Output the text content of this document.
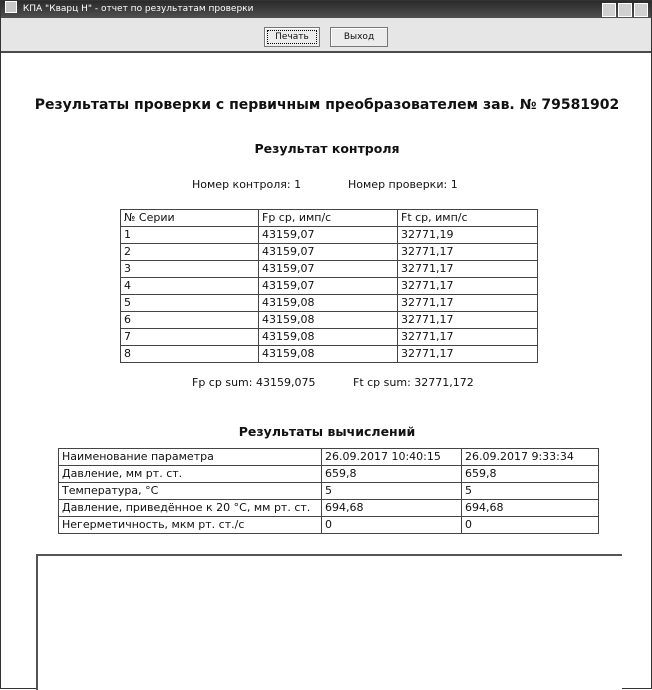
КПА "Кварц Н" - отчет по результатам проверки
Печать	Выход
Результаты проверки с первичным преобразователем зав. № 79581902
Результат контроля
Номер контроля: 1	Номер проверки: 1
№ Серии	Fp ср, имп/с	Ft ср, имп/с
1	43159,07	32771,19
2	43159,07	32771,17
3	43159,07	32771,17
4	43159,07	32771,17
5	43159,08	32771,17
6	43159,08	32771,17
7	43159,08	32771,17
8	43159,08	32771,17
Fp ср sum: 43159,075	Ft ср sum: 32771,172
Результаты вычислений
Наименование параметра	26.09.2017 10:40:15	26.09.2017 9:33:34
Давление, мм рт. ст.	659,8	659,8
Температура, °С	5	5
Давление, приведённое к 20 °С, мм рт. ст.	694,68	694,68
Негерметичность, мкм рт. ст./с	0	0
